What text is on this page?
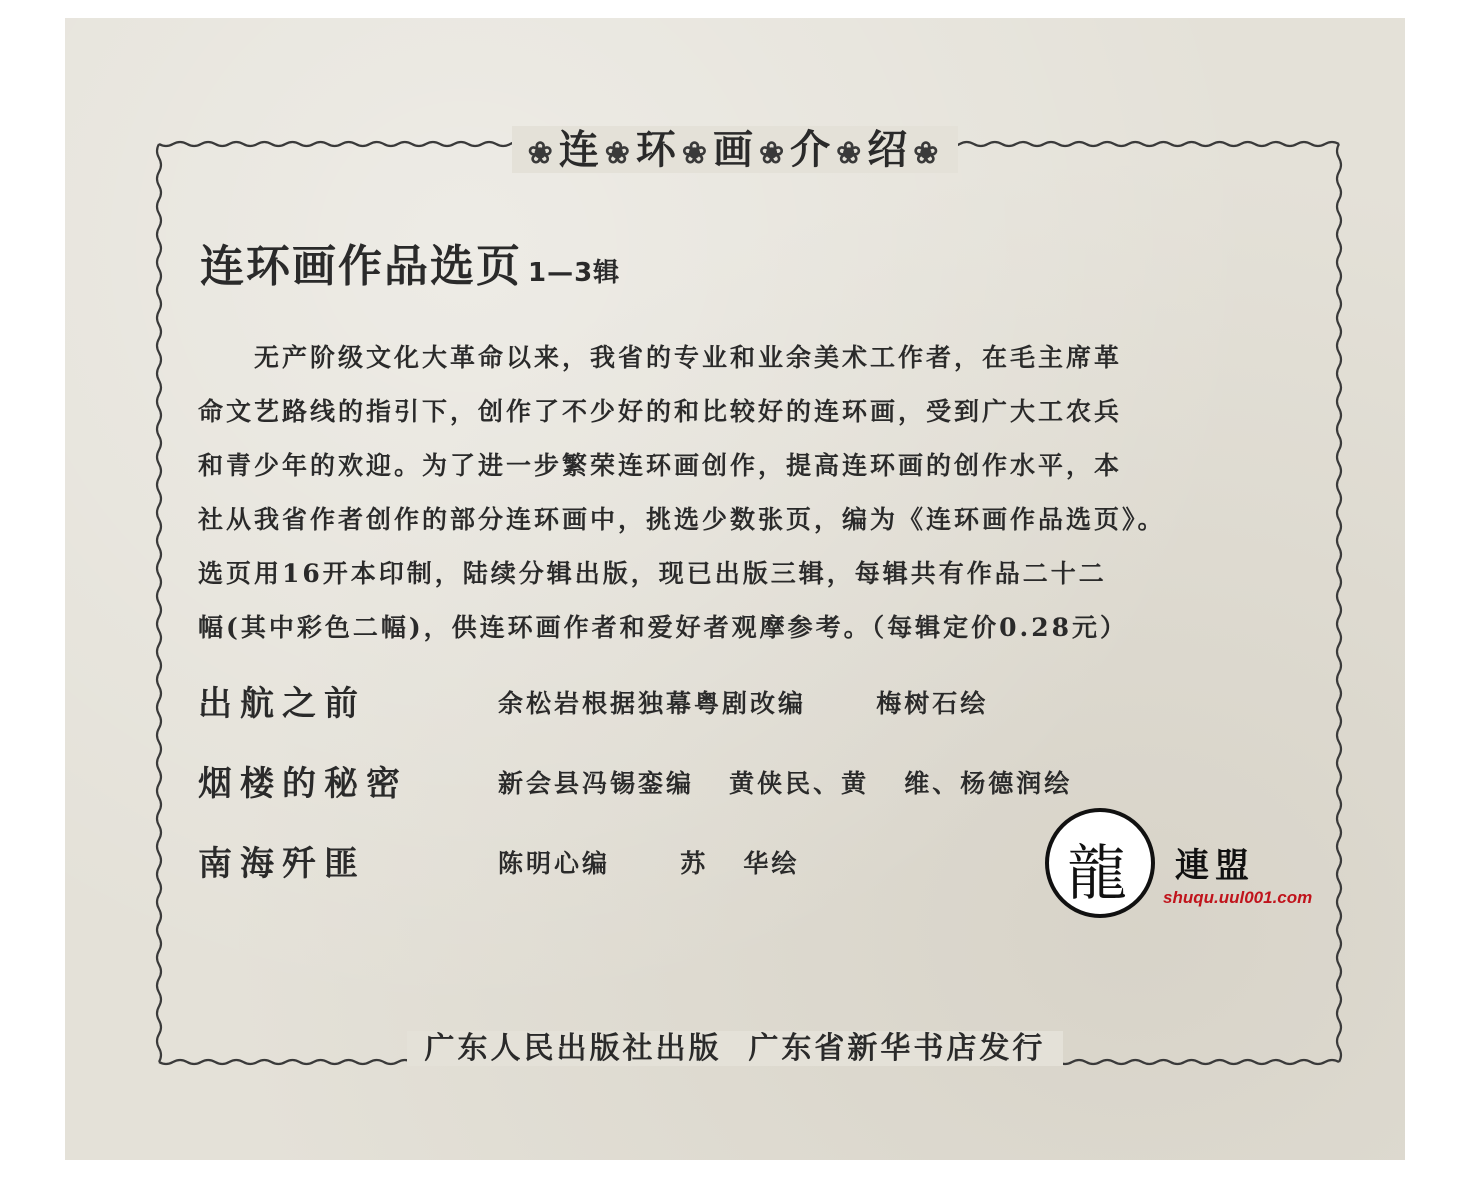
❀连❀环❀画❀介❀绍❀
连环画作品选页 1—3辑
　　无产阶级文化大革命以来，我省的专业和业余美术工作者，在毛主席革
命文艺路线的指引下，创作了不少好的和比较好的连环画，受到广大工农兵
和青少年的欢迎。为了进一步繁荣连环画创作，提高连环画的创作水平，本
社从我省作者创作的部分连环画中，挑选少数张页，编为《连环画作品选页》。
选页用16开本印制，陆续分辑出版，现已出版三辑，每辑共有作品二十二
幅(其中彩色二幅)，供连环画作者和爱好者观摩参考。（每辑定价0.28元）
出航之前	余松岩根据独幕粤剧改编      梅树石绘
烟楼的秘密	新会县冯锡銮编   黄侠民、黄   维、杨德润绘
南海歼匪	陈明心编      苏   华绘	龍 連盟
shuqu.uul001.com
广东人民出版社出版 广东省新华书店发行
